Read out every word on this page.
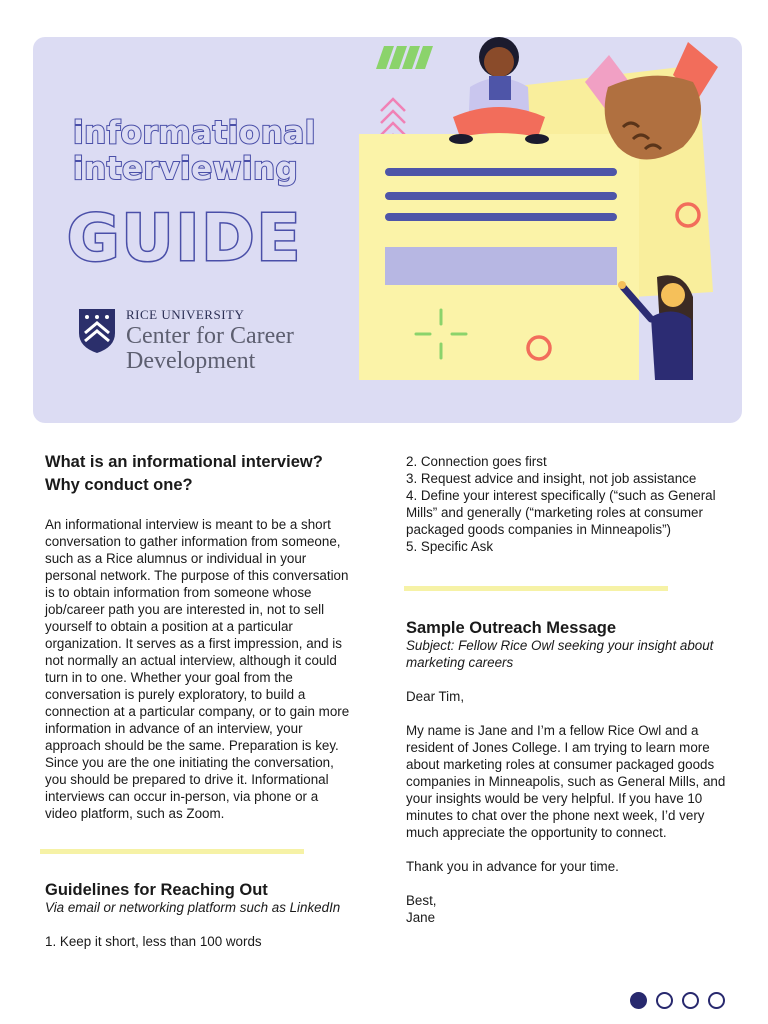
informational
interviewing
GUIDE
RICE UNIVERSITY
Center for Career
Development
What is an informational interview?
Why conduct one?
An informational interview is meant to be a short
conversation to gather information from someone,
such as a Rice alumnus or individual in your
personal network. The purpose of this conversation
is to obtain information from someone whose
job/career path you are interested in, not to sell
yourself to obtain a position at a particular
organization. It serves as a first impression, and is
not normally an actual interview, although it could
turn in to one. Whether your goal from the
conversation is purely exploratory, to build a
connection at a particular company, or to gain more
information in advance of an interview, your
approach should be the same. Preparation is key.
Since you are the one initiating the conversation,
you should be prepared to drive it. Informational
interviews can occur in-person, via phone or a
video platform, such as Zoom.
Guidelines for Reaching Out
Via email or networking platform such as LinkedIn
1. Keep it short, less than 100 words
2. Connection goes first
3. Request advice and insight, not job assistance
4. Define your interest specifically (“such as General
Mills” and generally (“marketing roles at consumer
packaged goods companies in Minneapolis”)
5. Specific Ask
Sample Outreach Message
Subject: Fellow Rice Owl seeking your insight about
marketing careers
Dear Tim,
My name is Jane and I’m a fellow Rice Owl and a
resident of Jones College. I am trying to learn more
about marketing roles at consumer packaged goods
companies in Minneapolis, such as General Mills, and
your insights would be very helpful. If you have 10
minutes to chat over the phone next week, I’d very
much appreciate the opportunity to connect.
Thank you in advance for your time.
Best,
Jane
